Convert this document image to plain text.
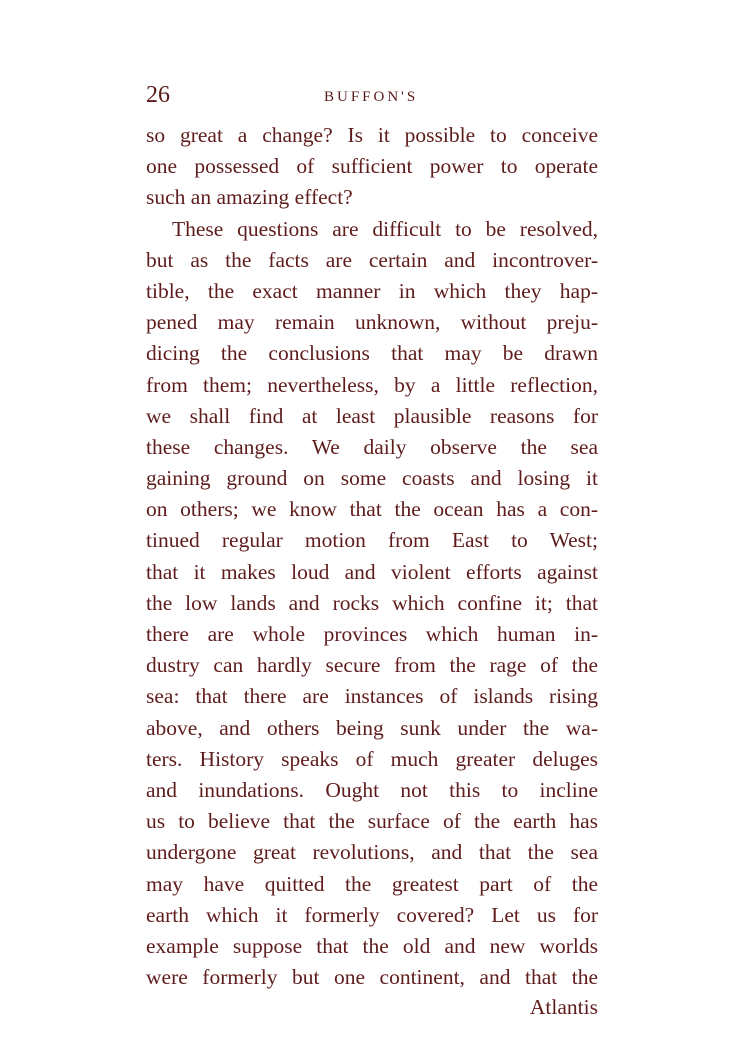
26	BUFFON'S
so great a change? Is it possible to conceive
one possessed of sufficient power to operate
such an amazing effect?
These questions are difficult to be resolved,
but as the facts are certain and incontrover-
tible, the exact manner in which they hap-
pened may remain unknown, without preju-
dicing the conclusions that may be drawn
from them; nevertheless, by a little reflection,
we shall find at least plausible reasons for
these changes. We daily observe the sea
gaining ground on some coasts and losing it
on others; we know that the ocean has a con-
tinued regular motion from East to West;
that it makes loud and violent efforts against
the low lands and rocks which confine it; that
there are whole provinces which human in-
dustry can hardly secure from the rage of the
sea: that there are instances of islands rising
above, and others being sunk under the wa-
ters. History speaks of much greater deluges
and inundations. Ought not this to incline
us to believe that the surface of the earth has
undergone great revolutions, and that the sea
may have quitted the greatest part of the
earth which it formerly covered? Let us for
example suppose that the old and new worlds
were formerly but one continent, and that the
Atlantis
